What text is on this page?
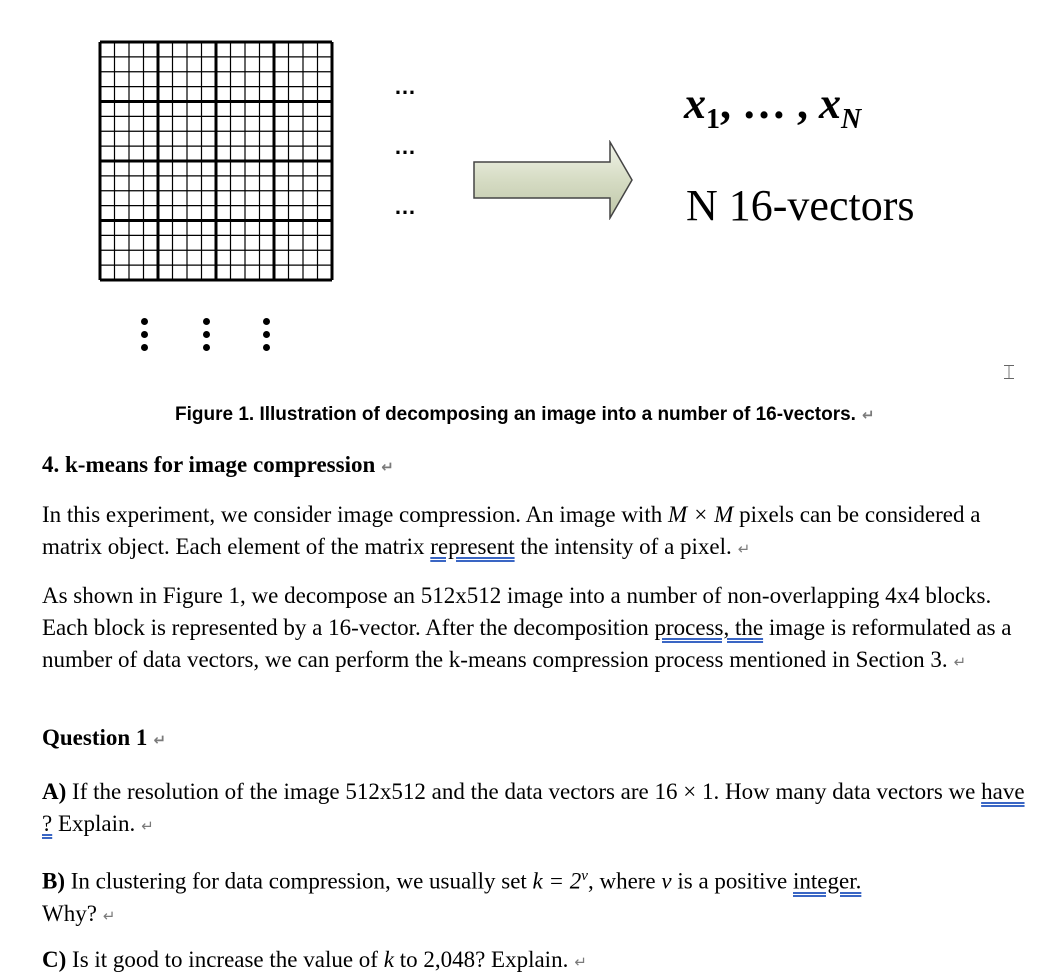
…
…
…
$x_1$, … , $x_N$
N 16-vectors
⌶
Figure 1. Illustration of decomposing an image into a number of 16-vectors. ↵
4. k-means for image compression ↵
In this experiment, we consider image compression. An image with M × M pixels can be considered a matrix object. Each element of the matrix represent the intensity of a pixel. ↵
As shown in Figure 1, we decompose an 512x512 image into a number of non-overlapping 4x4 blocks. Each block is represented by a 16-vector. After the decomposition process, the image is reformulated as a number of data vectors, we can perform the k-means compression process mentioned in Section 3. ↵
Question 1 ↵
A) If the resolution of the image 512x512 and the data vectors are 16 × 1. How many data vectors we have ? Explain. ↵
B) In clustering for data compression, we usually set $k = 2^v$, where v is a positive integer.
Why? ↵
C) Is it good to increase the value of k to 2,048? Explain. ↵
